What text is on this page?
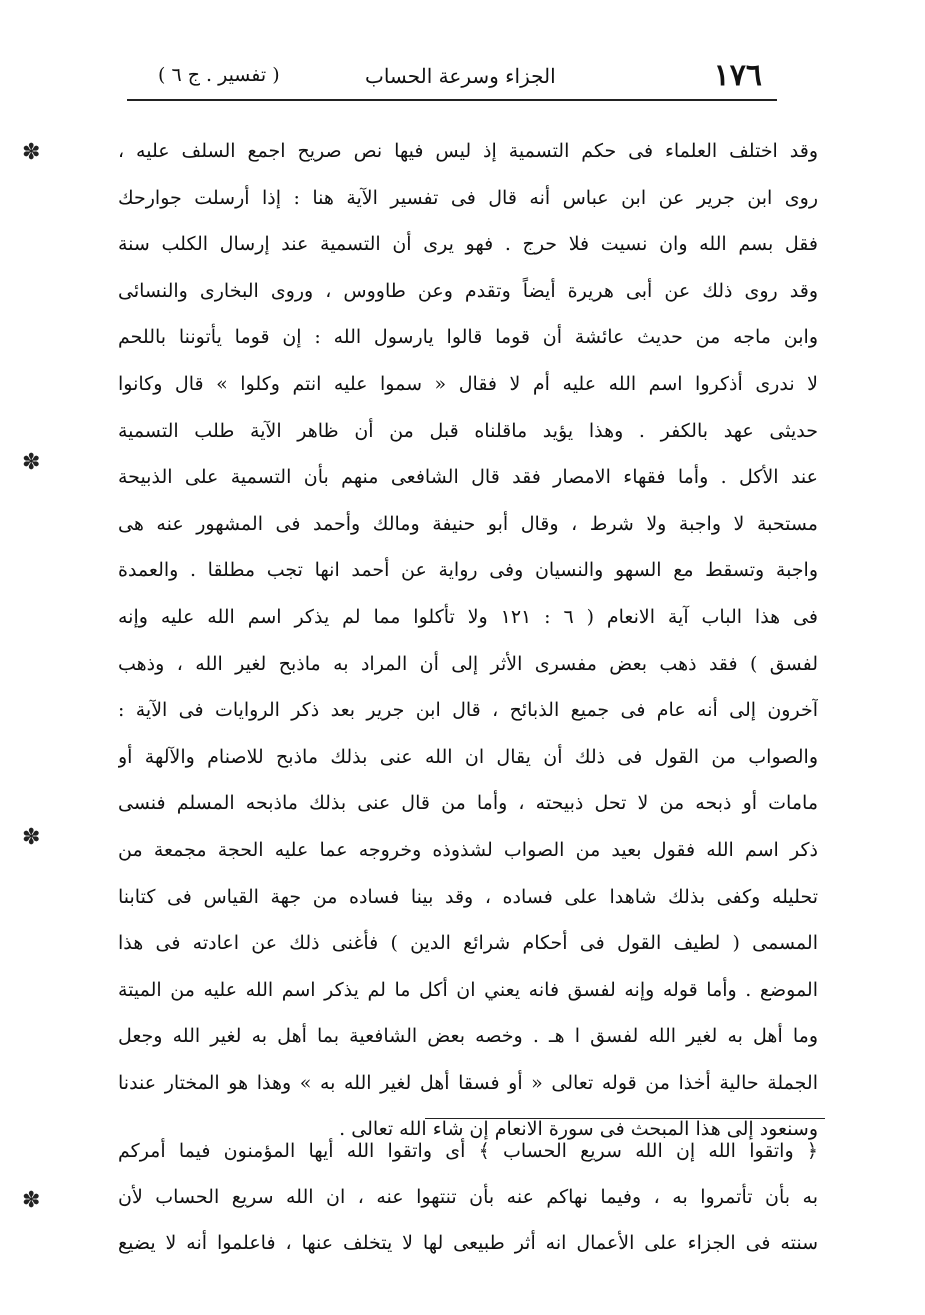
١٧٦
الجزاء وسرعة الحساب
( تفسير . ج ٦ )
وقد اختلف العلماء فى حكم التسمية إذ ليس فيها نص صريح اجمع السلف عليه ،
روى ابن جرير عن ابن عباس أنه قال فى تفسير الآية هنا : إذا أرسلت جوارحك
فقل بسم الله وان نسيت فلا حرج . فهو يرى أن التسمية عند إرسال الكلب سنة
وقد روى ذلك عن أبى هريرة أيضاً وتقدم وعن طاووس ، وروى البخارى والنسائى
وابن ماجه من حديث عائشة أن قوما قالوا يارسول الله : إن قوما يأتوننا باللحم
لا ندرى أذكروا اسم الله عليه أم لا فقال « سموا عليه انتم وكلوا » قال وكانوا
حديثى عهد بالكفر . وهذا يؤيد ماقلناه قبل من أن ظاهر الآية طلب التسمية
عند الأكل . وأما فقهاء الامصار فقد قال الشافعى منهم بأن التسمية على الذبيحة
مستحبة لا واجبة ولا شرط ، وقال أبو حنيفة ومالك وأحمد فى المشهور عنه هى
واجبة وتسقط مع السهو والنسيان وفى رواية عن أحمد انها تجب مطلقا . والعمدة
فى هذا الباب آية الانعام ( ٦ : ١٢١ ولا تأكلوا مما لم يذكر اسم الله عليه وإنه
لفسق ) فقد ذهب بعض مفسرى الأثر إلى أن المراد به ماذبح لغير الله ، وذهب
آخرون إلى أنه عام فى جميع الذبائح ، قال ابن جرير بعد ذكر الروايات فى الآية :
والصواب من القول فى ذلك أن يقال ان الله عنى بذلك ماذبح للاصنام والآلهة أو
مامات أو ذبحه من لا تحل ذبيحته ، وأما من قال عنى بذلك ماذبحه المسلم فنسى
ذكر اسم الله فقول بعيد من الصواب لشذوذه وخروجه عما عليه الحجة مجمعة من
تحليله وكفى بذلك شاهدا على فساده ، وقد بينا فساده من جهة القياس فى كتابنا
المسمى ( لطيف القول فى أحكام شرائع الدين ) فأغنى ذلك عن اعادته فى هذا
الموضع . وأما قوله وإنه لفسق فانه يعني ان أكل ما لم يذكر اسم الله عليه من الميتة
وما أهل به لغير الله لفسق ا هـ . وخصه بعض الشافعية بما أهل به لغير الله وجعل
الجملة حالية أخذا من قوله تعالى « أو فسقا أهل لغير الله به » وهذا هو المختار عندنا
وسنعود إلى هذا المبحث فى سورة الانعام إن شاء الله تعالى .
﴿ واتقوا الله إن الله سريع الحساب ﴾ أى واتقوا الله أيها المؤمنون فيما أمركم
به بأن تأتمروا به ، وفيما نهاكم عنه بأن تنتهوا عنه ، ان الله سريع الحساب لأن
سنته فى الجزاء على الأعمال انه أثر طبيعى لها لا يتخلف عنها ، فاعلموا أنه لا يضيع
✽
✽
✽
✽
